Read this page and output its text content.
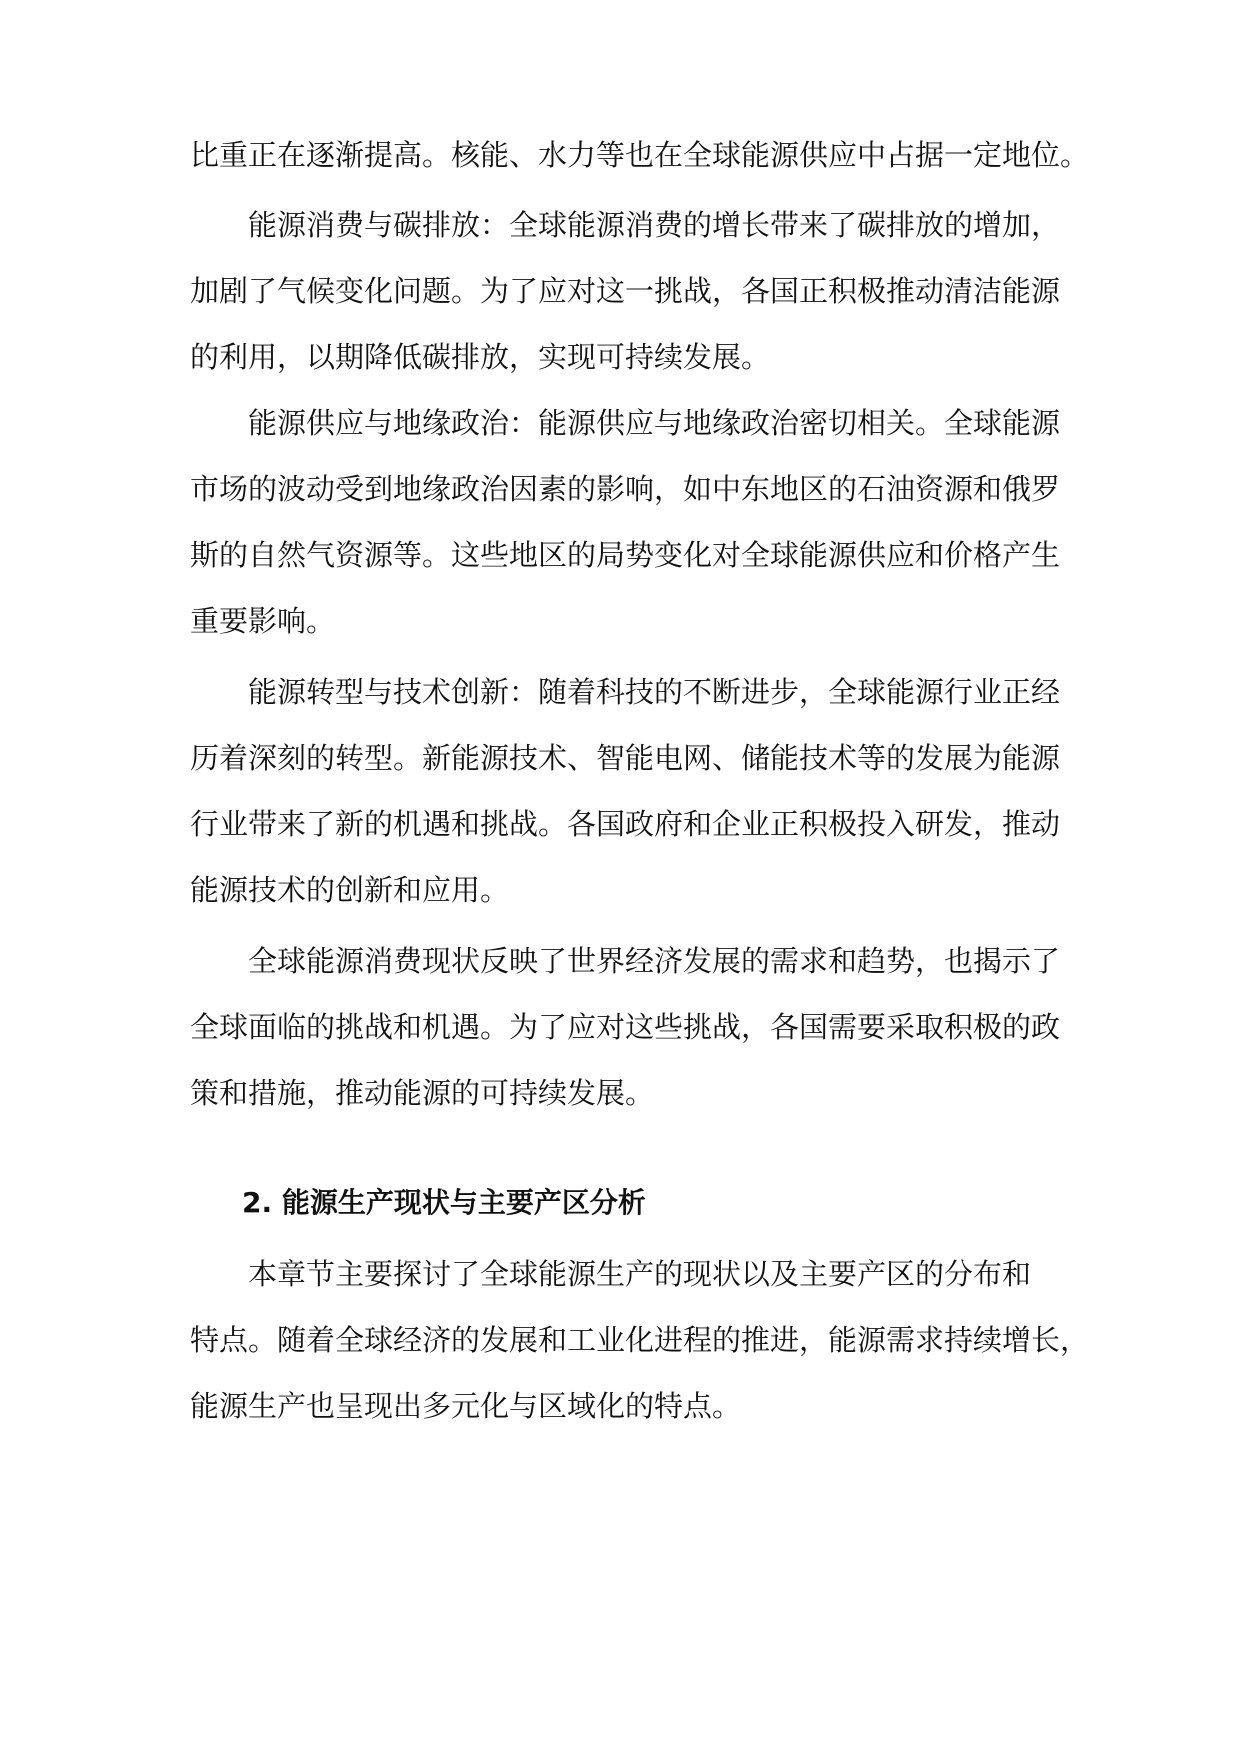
比重正在逐渐提高。核能、水力等也在全球能源供应中占据一定地位。
能源消费与碳排放：全球能源消费的增长带来了碳排放的增加，
加剧了气候变化问题。为了应对这一挑战，各国正积极推动清洁能源
的利用，以期降低碳排放，实现可持续发展。
能源供应与地缘政治：能源供应与地缘政治密切相关。全球能源
市场的波动受到地缘政治因素的影响，如中东地区的石油资源和俄罗
斯的自然气资源等。这些地区的局势变化对全球能源供应和价格产生
重要影响。
能源转型与技术创新：随着科技的不断进步，全球能源行业正经
历着深刻的转型。新能源技术、智能电网、储能技术等的发展为能源
行业带来了新的机遇和挑战。各国政府和企业正积极投入研发，推动
能源技术的创新和应用。
全球能源消费现状反映了世界经济发展的需求和趋势，也揭示了
全球面临的挑战和机遇。为了应对这些挑战，各国需要采取积极的政
策和措施，推动能源的可持续发展。
2. 能源生产现状与主要产区分析
本章节主要探讨了全球能源生产的现状以及主要产区的分布和
特点。随着全球经济的发展和工业化进程的推进，能源需求持续增长，
能源生产也呈现出多元化与区域化的特点。
